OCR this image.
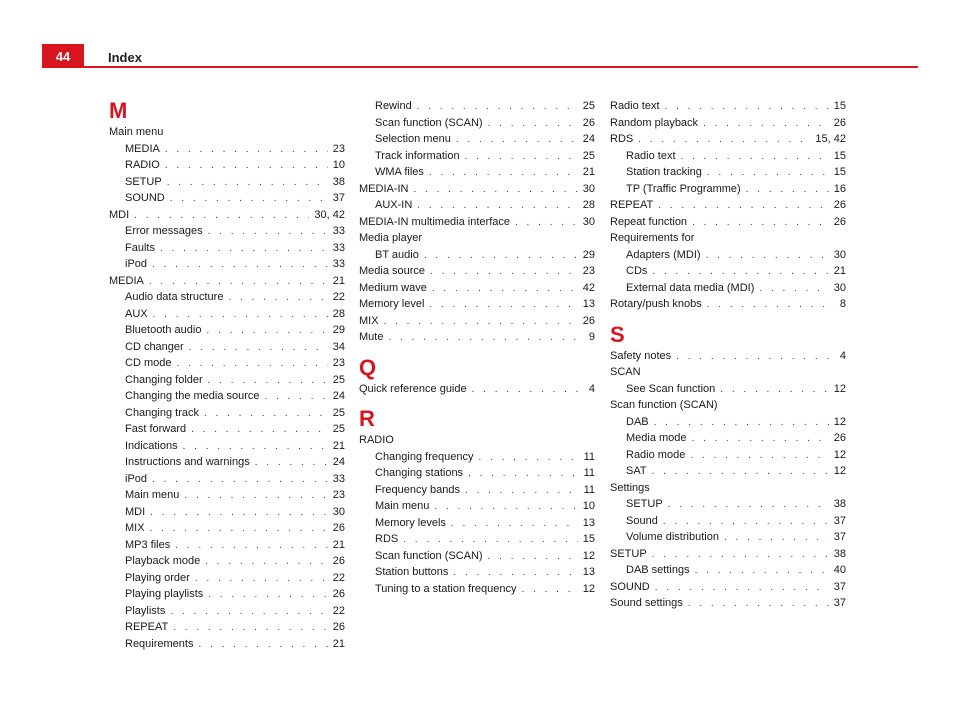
44	Index
M
Main menu
MEDIA . . .	23
RADIO . . .	10
SETUP . . .	38
SOUND . . .	37
MDI . . .	30, 42
Error messages . . .	33
Faults . . .	33
iPod . . .	33
MEDIA . . .	21
Audio data structure . . .	22
AUX . . .	28
Bluetooth audio . . .	29
CD changer . . .	34
CD mode . . .	23
Changing folder . . .	25
Changing the media source . . .	24
Changing track . . .	25
Fast forward . . .	25
Indications . . .	21
Instructions and warnings . . .	24
iPod . . .	33
Main menu . . .	23
MDI . . .	30
MIX . . .	26
MP3 files . . .	21
Playback mode . . .	26
Playing order . . .	22
Playing playlists . . .	26
Playlists . . .	22
REPEAT . . .	26
Requirements . . .	21
Rewind . . .	25
Scan function (SCAN) . . .	26
Selection menu . . .	24
Track information . . .	25
WMA files . . .	21
MEDIA-IN . . .	30
AUX-IN . . .	28
MEDIA-IN multimedia interface . . .	30
Media player
BT audio . . .	29
Media source . . .	23
Medium wave . . .	42
Memory level . . .	13
MIX . . .	26
Mute . . .	9
Q
Quick reference guide . . .	4
R
RADIO
Changing frequency . . .	11
Changing stations . . .	11
Frequency bands . . .	11
Main menu . . .	10
Memory levels . . .	13
RDS . . .	15
Scan function (SCAN) . . .	12
Station buttons . . .	13
Tuning to a station frequency . . .	12
Radio text . . .	15
Random playback . . .	26
RDS . . .	15, 42
Radio text . . .	15
Station tracking . . .	15
TP (Traffic Programme) . . .	16
REPEAT . . .	26
Repeat function . . .	26
Requirements for
Adapters (MDI) . . .	30
CDs . . .	21
External data media (MDI) . . .	30
Rotary/push knobs . . .	8
S
Safety notes . . .	4
SCAN
See Scan function . . .	12
Scan function (SCAN)
DAB . . .	12
Media mode . . .	26
Radio mode . . .	12
SAT . . .	12
Settings
SETUP . . .	38
Sound . . .	37
Volume distribution . . .	37
SETUP . . .	38
DAB settings . . .	40
SOUND . . .	37
Sound settings . . .	37
